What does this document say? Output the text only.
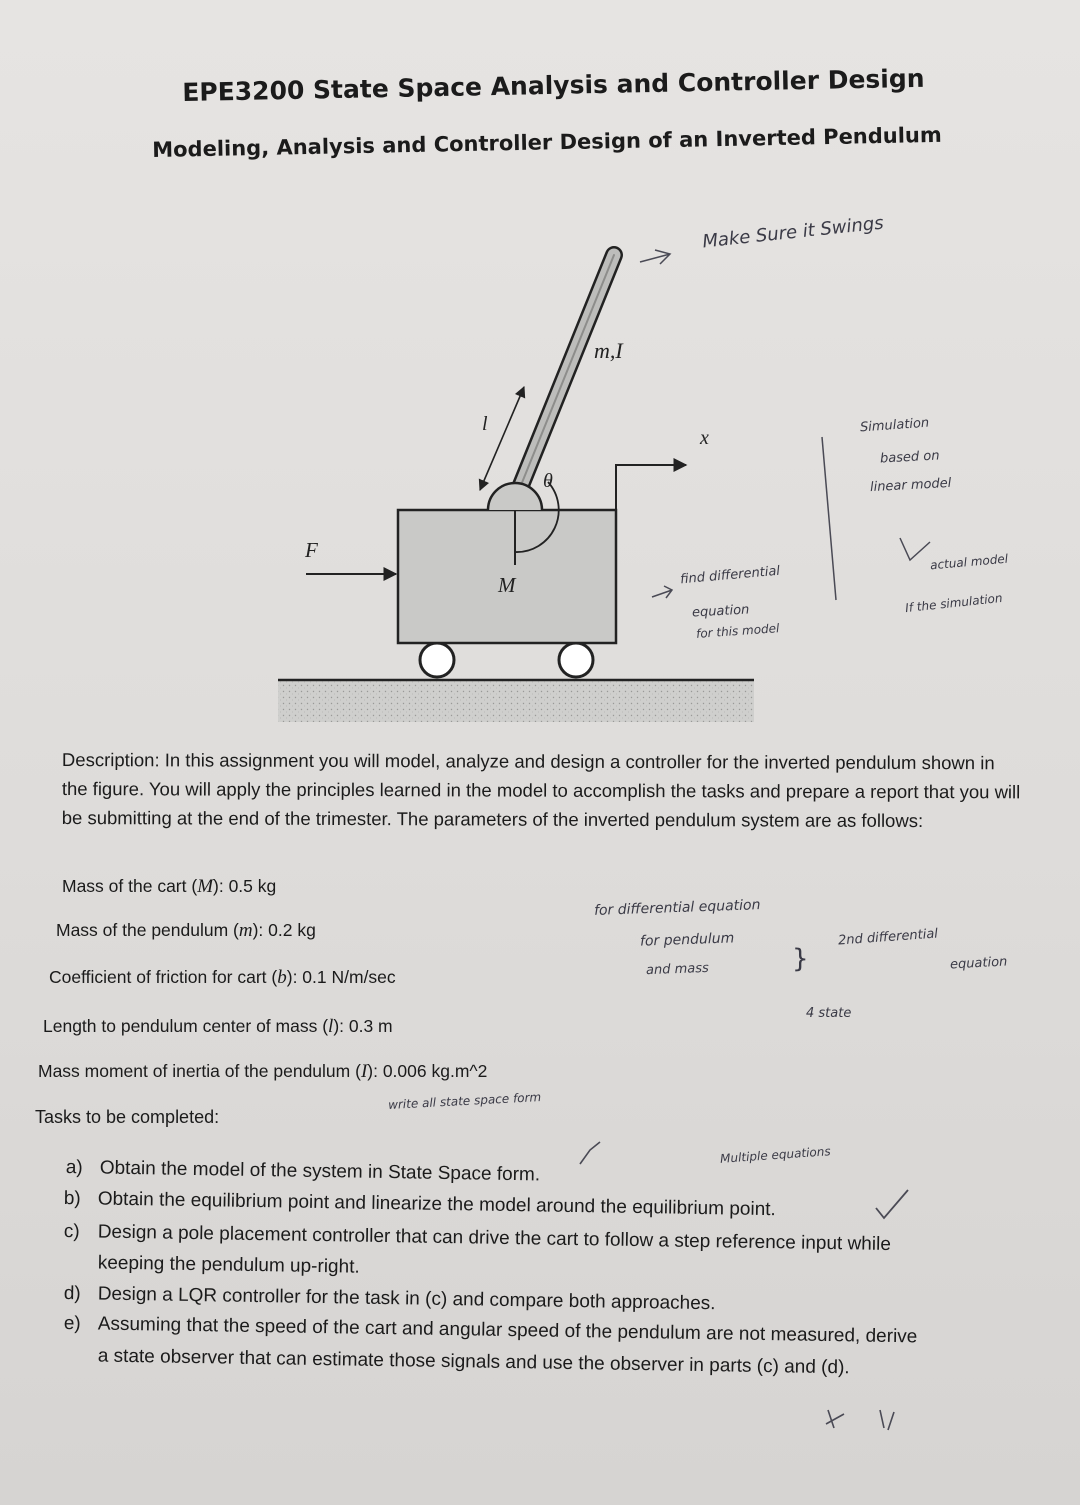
EPE3200 State Space Analysis and Controller Design
Modeling, Analysis and Controller Design of an Inverted Pendulum
m,I
l
θ
x
F
M
Make Sure it Swings
Simulation
based on
linear model
find differential
equation
for this model
actual model
If the simulation
Description: In this assignment you will model, analyze and design a controller for the inverted pendulum shown in the figure. You will apply the principles learned in the model to accomplish the tasks and prepare a report that you will be submitting at the end of the trimester. The parameters of the inverted pendulum system are as follows:
Mass of the cart (M): 0.5 kg
Mass of the pendulum (m): 0.2 kg
Coefficient of friction for cart (b): 0.1 N/m/sec
Length to pendulum center of mass (l): 0.3 m
Mass moment of inertia of the pendulum (I): 0.006 kg.m^2
for differential equation
for pendulum
and mass	}
2nd differential
equation
4 state
write all state space form
Multiple equations
Tasks to be completed:
a) Obtain the model of the system in State Space form.
b) Obtain the equilibrium point and linearize the model around the equilibrium point.
c) Design a pole placement controller that can drive the cart to follow a step reference input while
keeping the pendulum up-right.
d) Design a LQR controller for the task in (c) and compare both approaches.
e) Assuming that the speed of the cart and angular speed of the pendulum are not measured, derive
a state observer that can estimate those signals and use the observer in parts (c) and (d).
